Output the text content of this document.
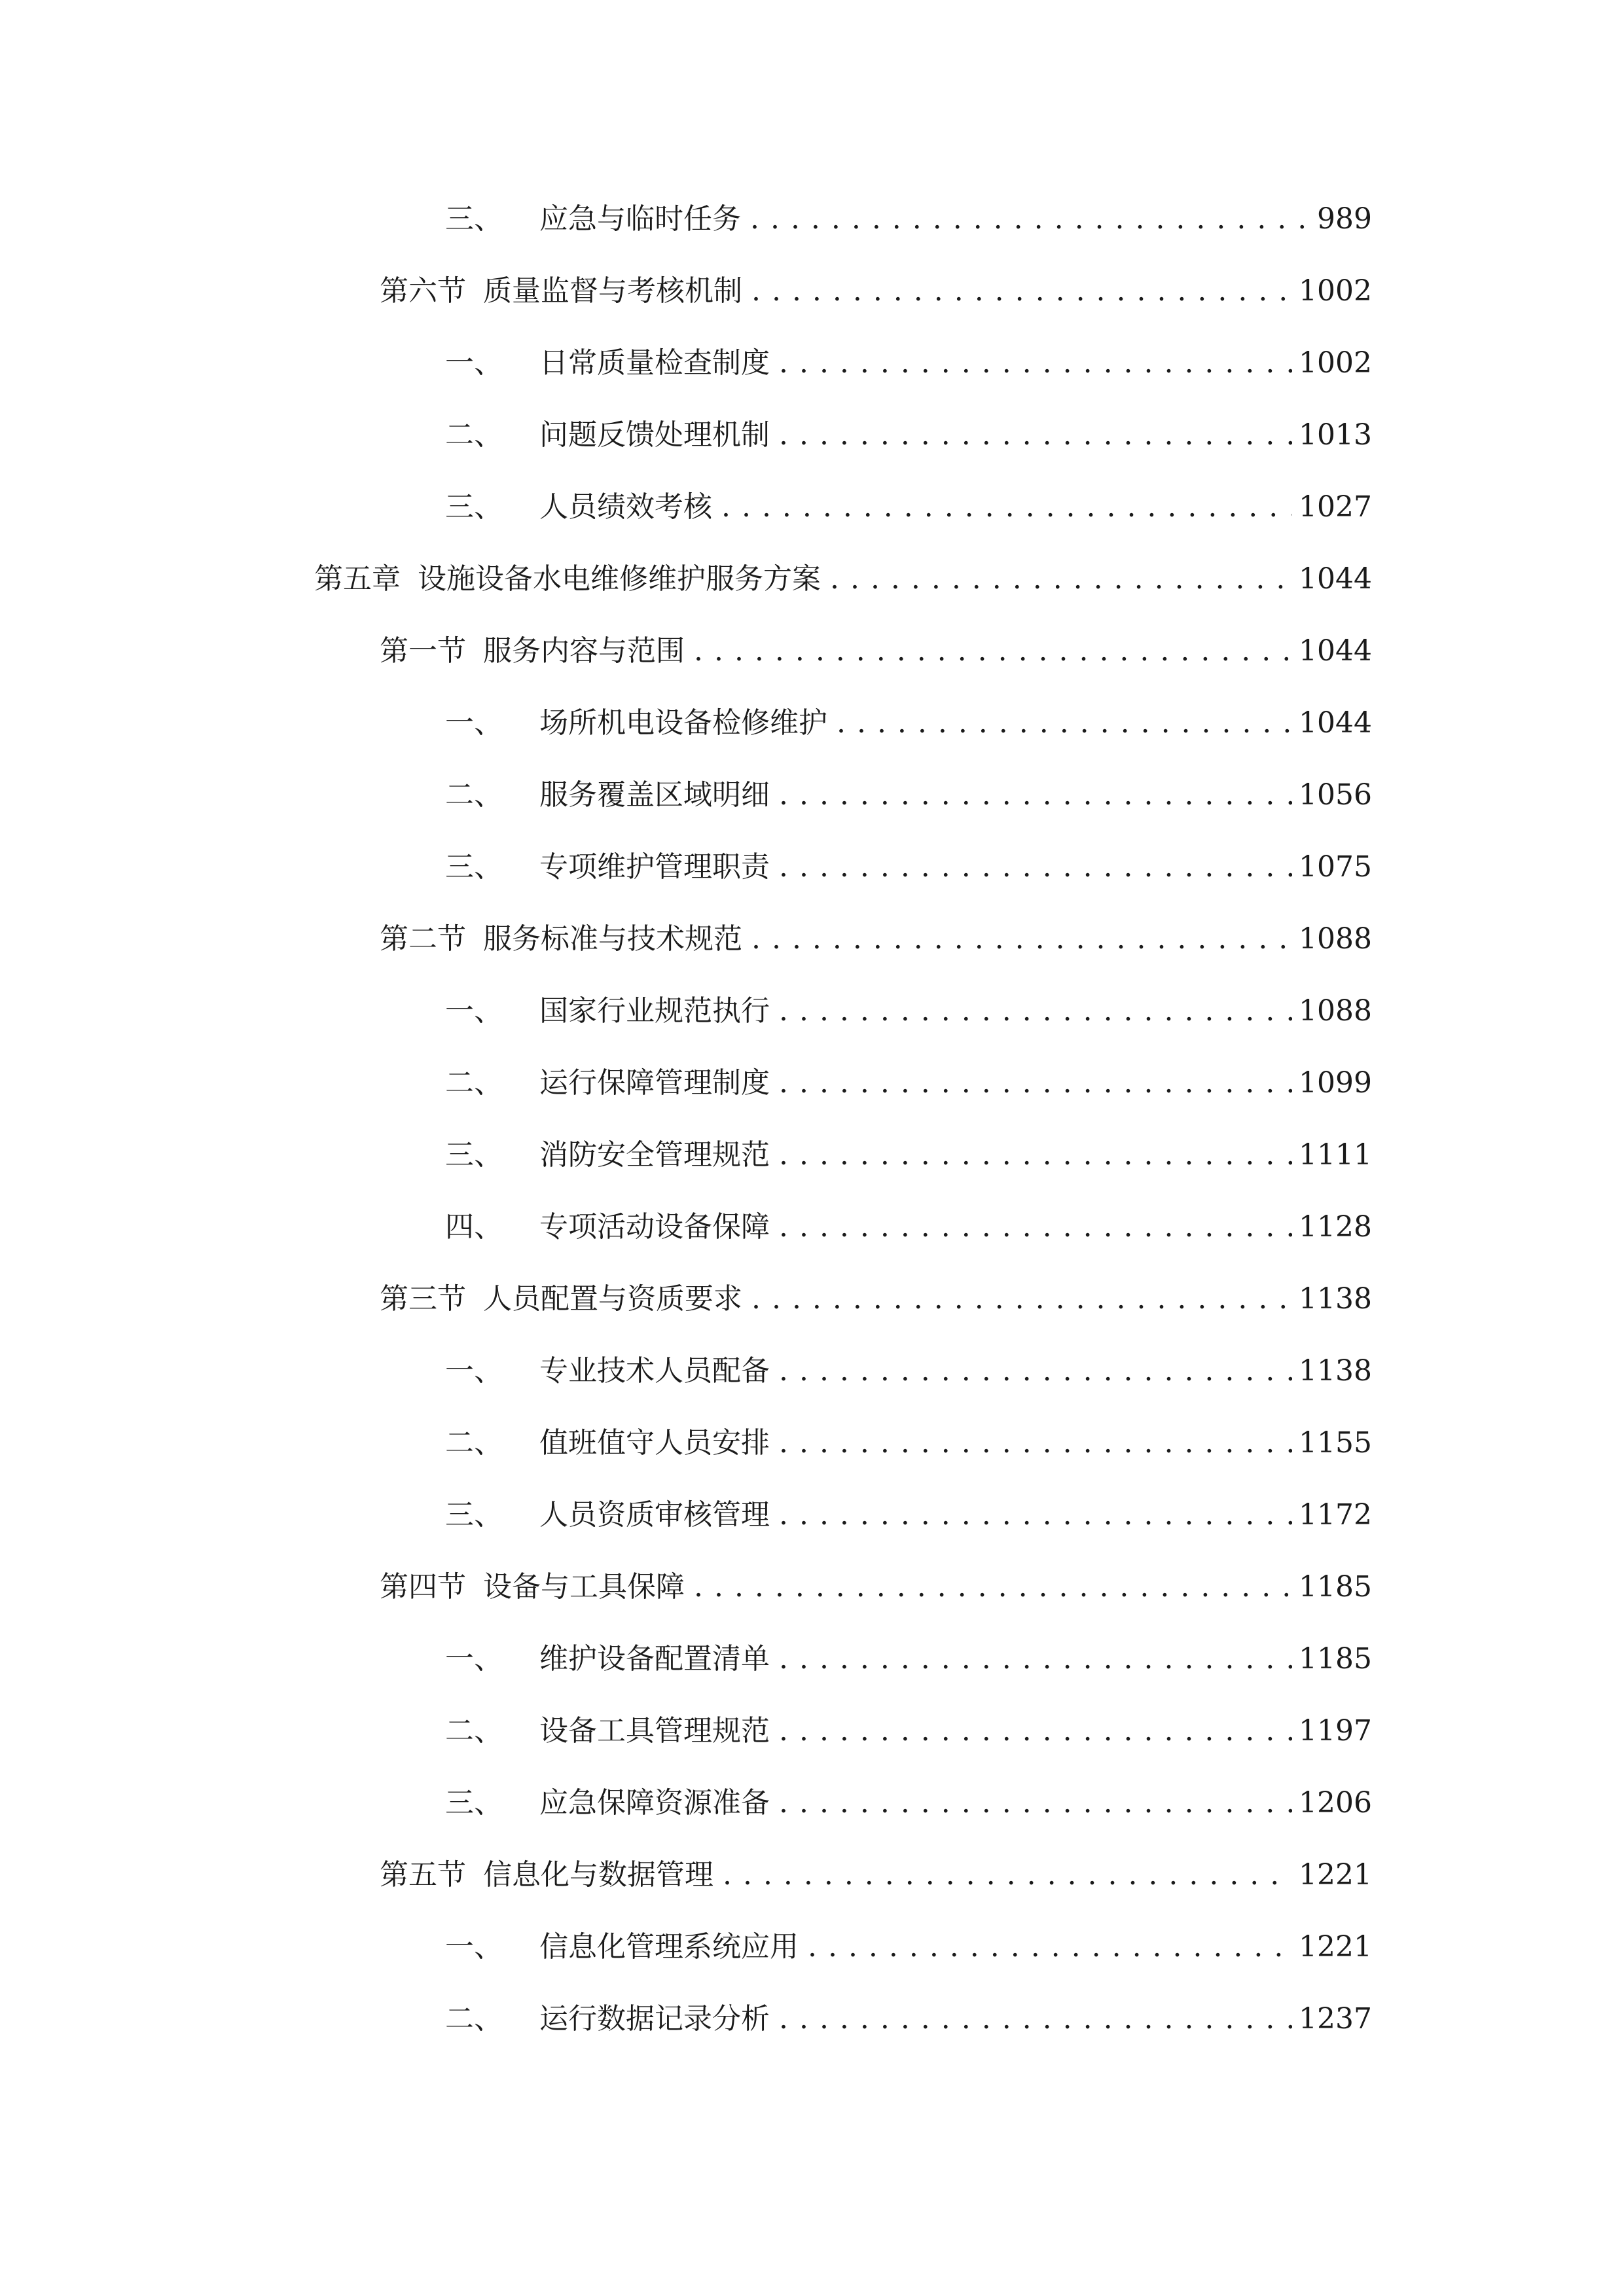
三、	应急与临时任务 . . .	989
第六节 质量监督与考核机制 . . .	1002
一、	日常质量检查制度 . . .	1002
二、	问题反馈处理机制 . . .	1013
三、	人员绩效考核 . . .	1027
第五章 设施设备水电维修维护服务方案 . . .	1044
第一节 服务内容与范围 . . .	1044
一、	场所机电设备检修维护 . . .	1044
二、	服务覆盖区域明细 . . .	1056
三、	专项维护管理职责 . . .	1075
第二节 服务标准与技术规范 . . .	1088
一、	国家行业规范执行 . . .	1088
二、	运行保障管理制度 . . .	1099
三、	消防安全管理规范 . . .	1111
四、	专项活动设备保障 . . .	1128
第三节 人员配置与资质要求 . . .	1138
一、	专业技术人员配备 . . .	1138
二、	值班值守人员安排 . . .	1155
三、	人员资质审核管理 . . .	1172
第四节 设备与工具保障 . . .	1185
一、	维护设备配置清单 . . .	1185
二、	设备工具管理规范 . . .	1197
三、	应急保障资源准备 . . .	1206
第五节 信息化与数据管理 . . .	1221
一、	信息化管理系统应用 . . .	1221
二、	运行数据记录分析 . . .	1237
